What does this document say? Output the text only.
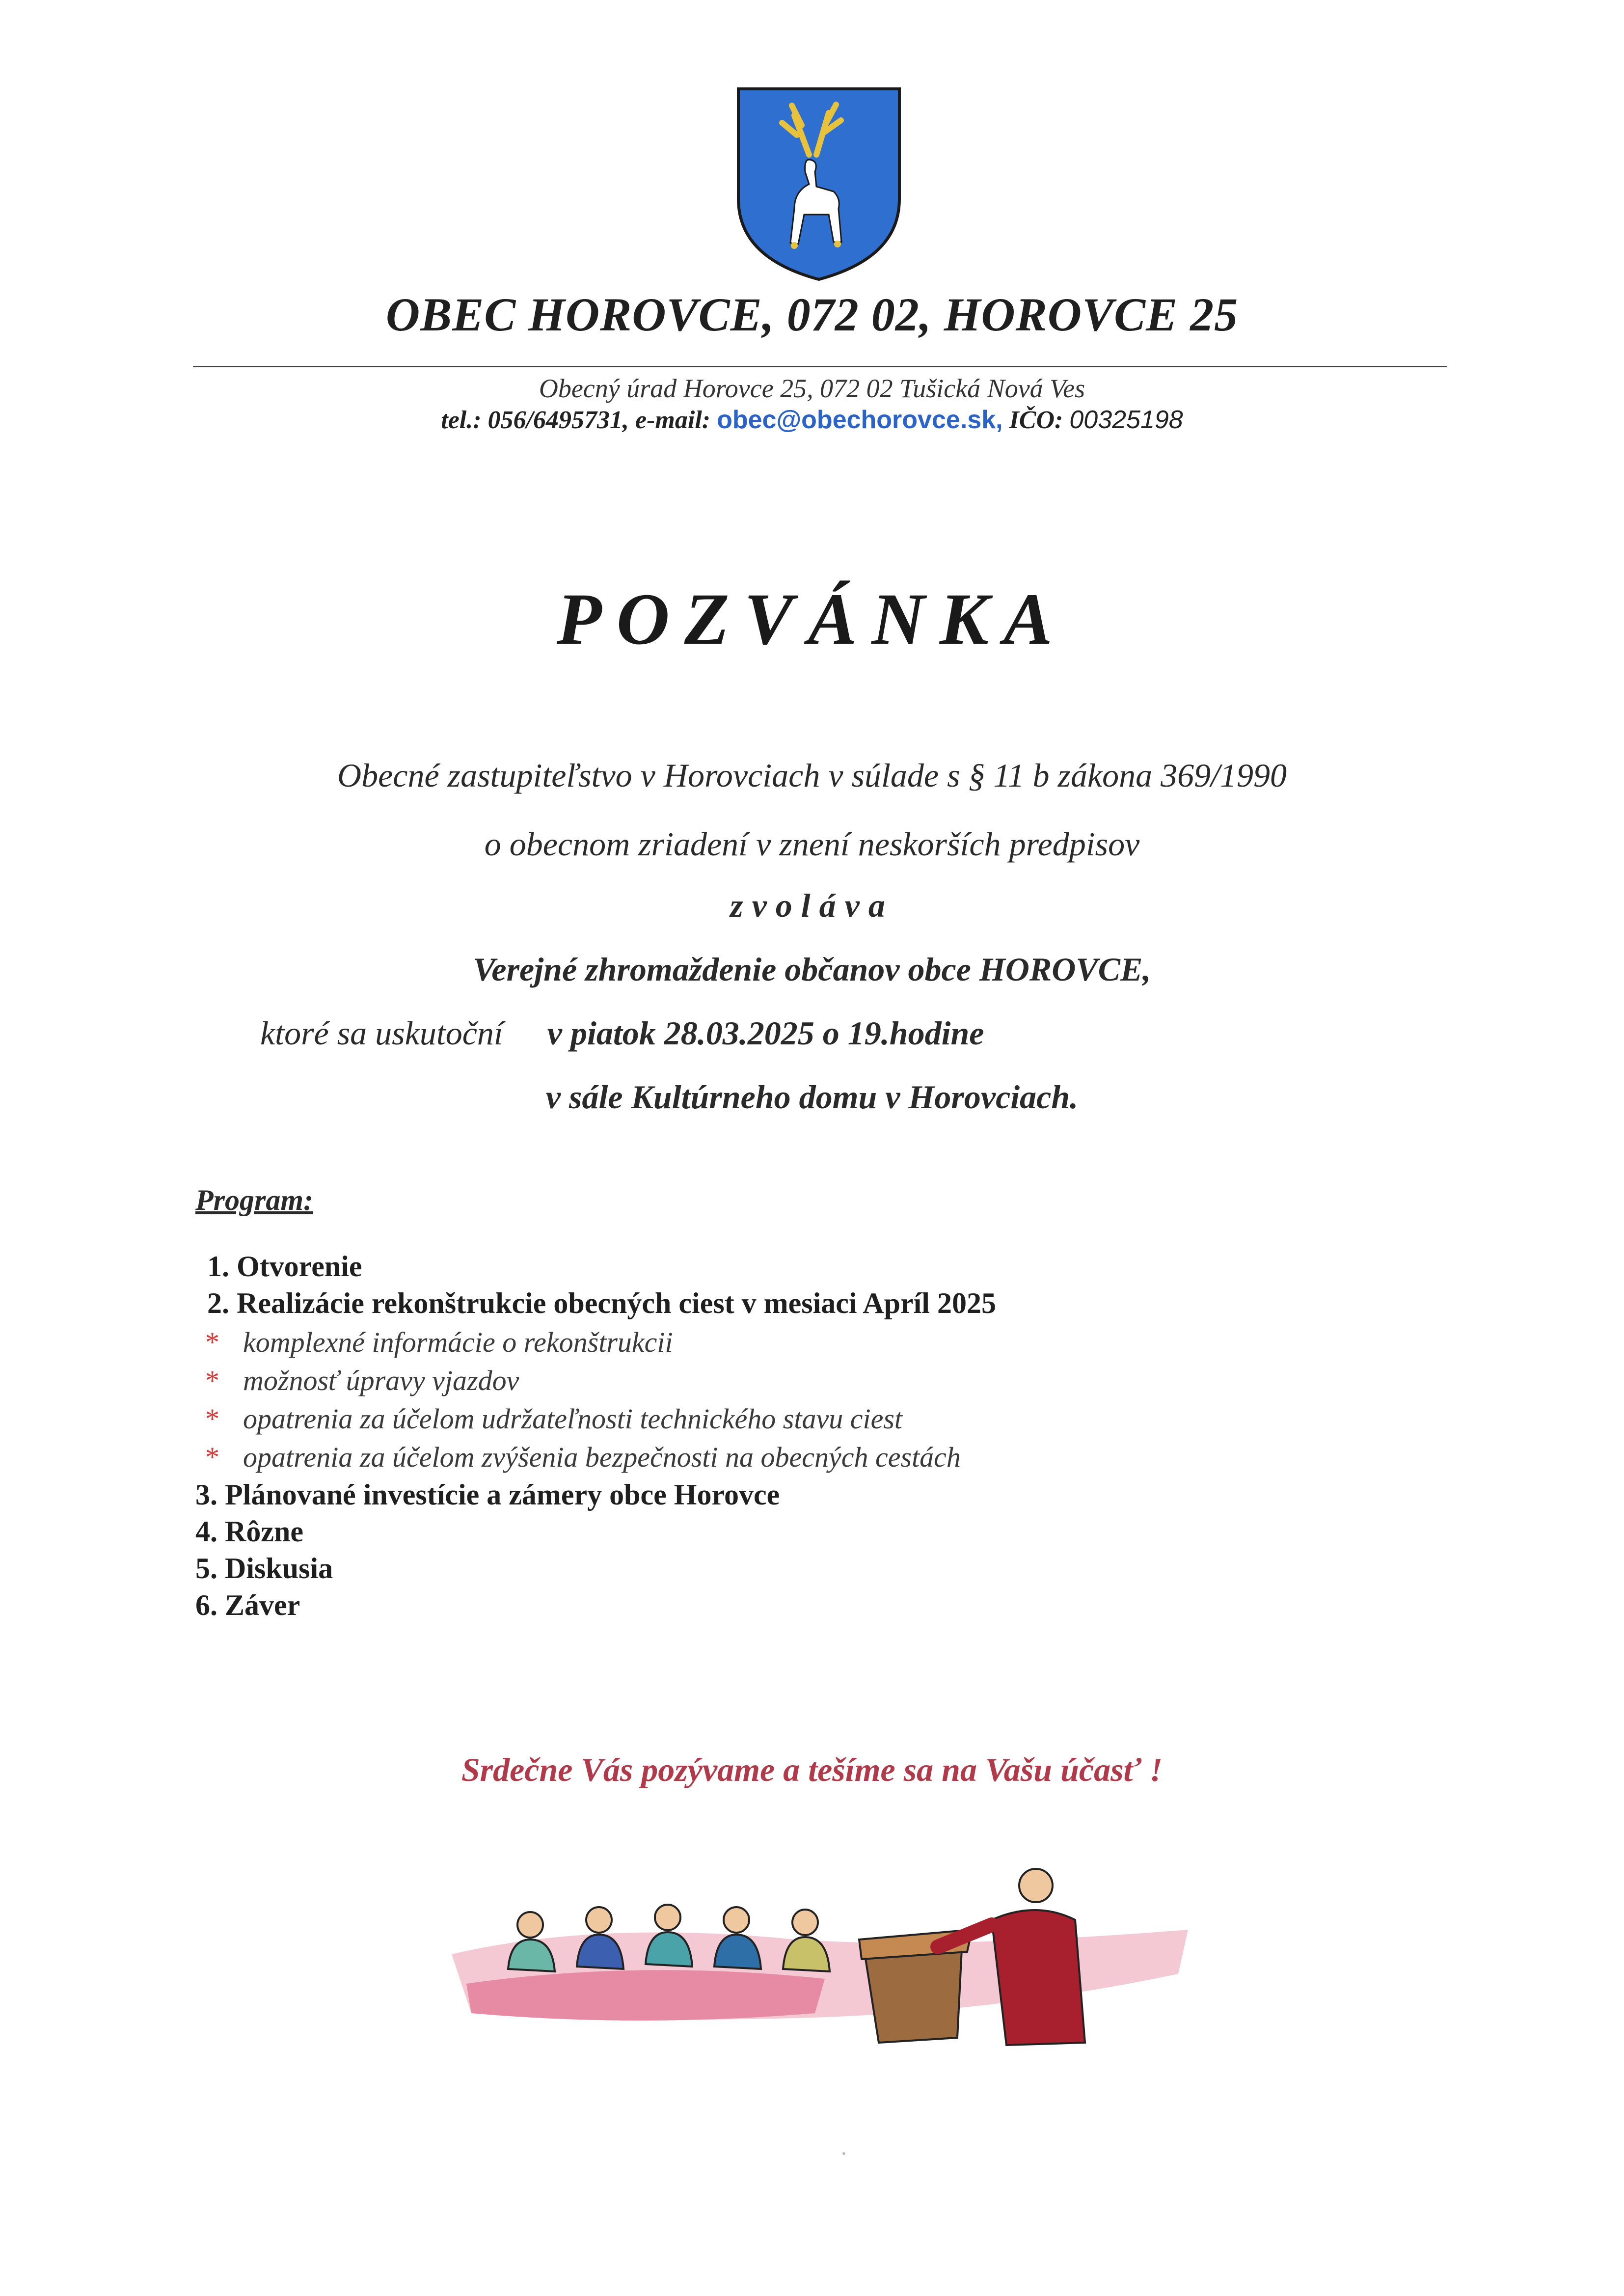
OBEC HOROVCE, 072 02, HOROVCE 25
Obecný úrad Horovce 25, 072 02 Tušická Nová Ves
tel.: 056/6495731, e-mail: obec@obechorovce.sk, IČO: 00325198
POZVÁNKA
Obecné zastupiteľstvo v Horovciach v súlade s § 11 b zákona 369/1990
o obecnom zriadení v znení neskorších predpisov
zvoláva
Verejné zhromaždenie občanov obce HOROVCE,
ktoré sa uskutoční v piatok 28.03.2025 o 19.hodine
v sále Kultúrneho domu v Horovciach.
Program:
1. Otvorenie
2. Realizácie rekonštrukcie obecných ciest v mesiaci Apríl 2025
* komplexné informácie o rekonštrukcii
* možnosť úpravy vjazdov
* opatrenia za účelom udržateľnosti technického stavu ciest
* opatrenia za účelom zvýšenia bezpečnosti na obecných cestách
3. Plánované investície a zámery obce Horovce
4. Rôzne
5. Diskusia
6. Záver
Srdečne Vás pozývame a tešíme sa na Vašu účasť !
